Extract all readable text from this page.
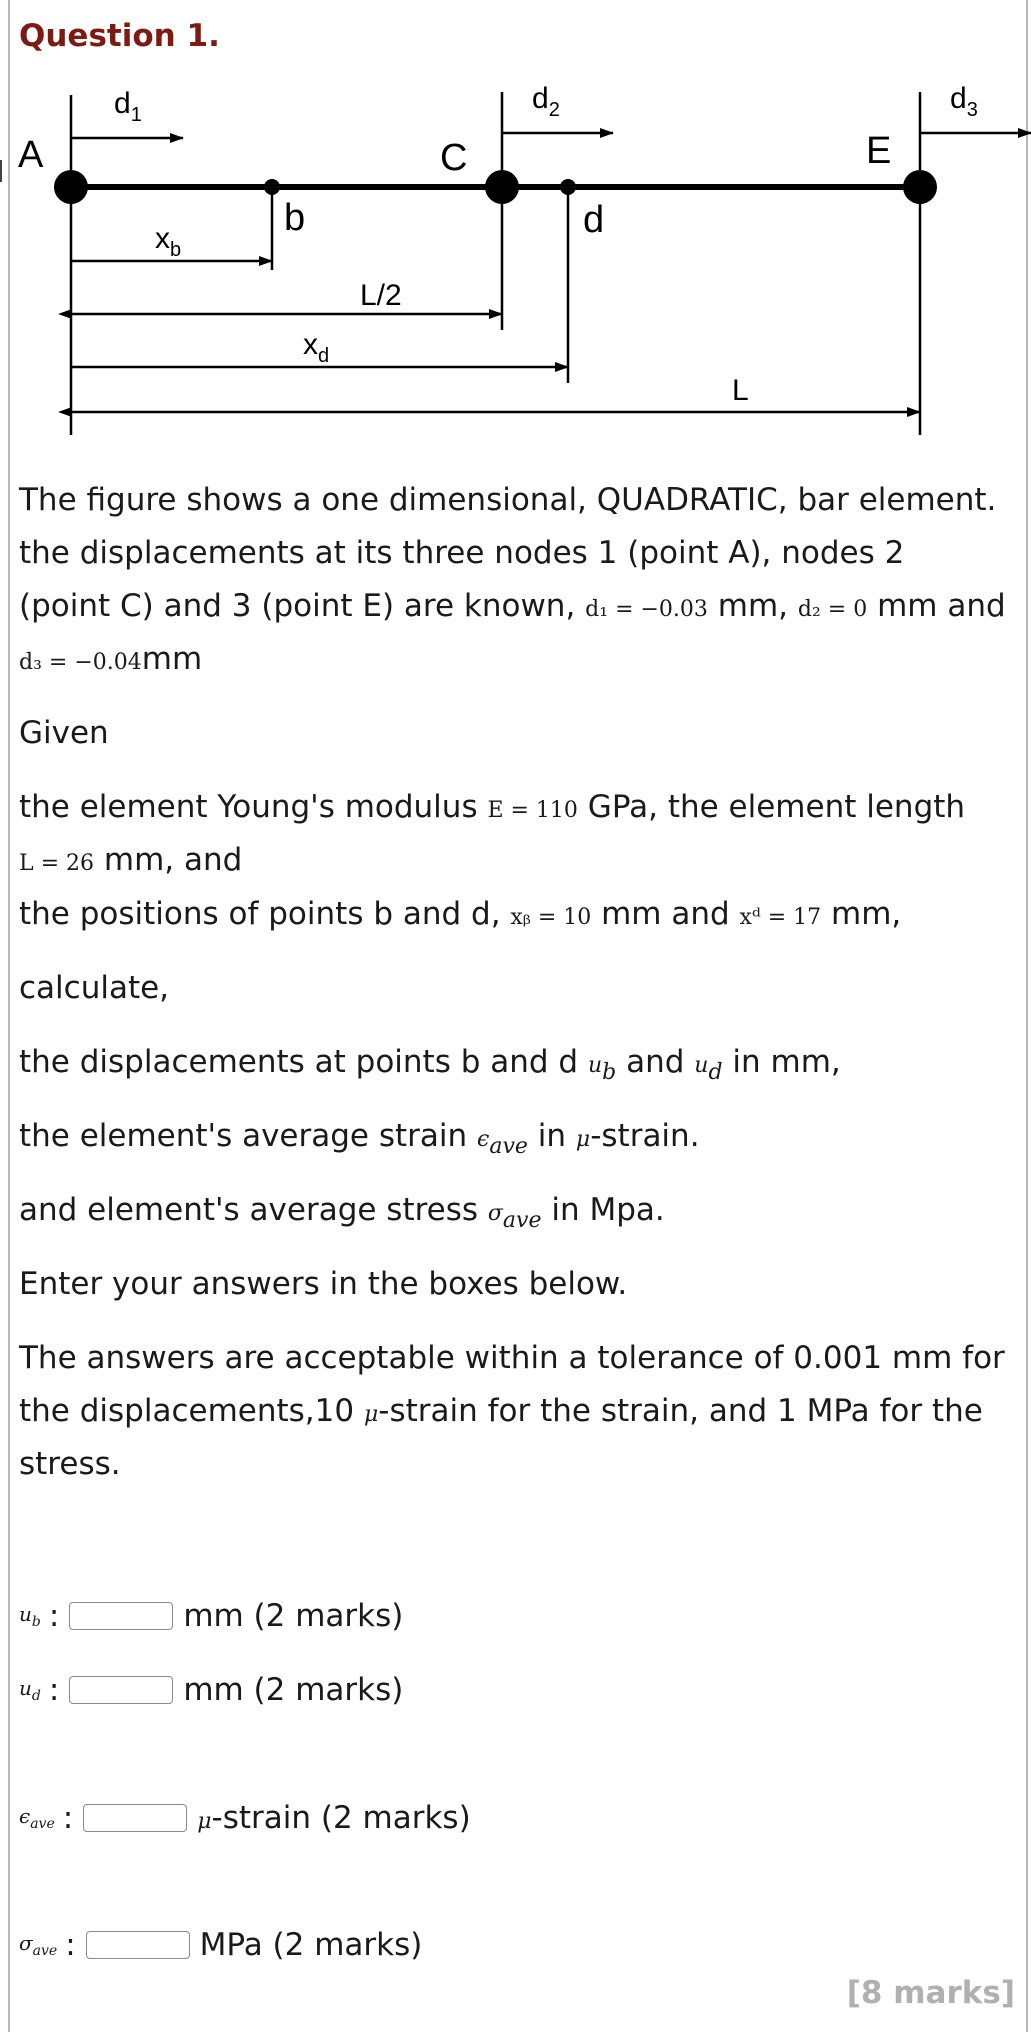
Question 1.
A	C	E
b	d
$d_1$	$d_2$	$d_3$
$x_b$
$x_d$
L/2
L
The figure shows a one dimensional, QUADRATIC, bar element.
the displacements at its three nodes 1 (point A), nodes 2
(point C) and 3 (point E) are known, d₁ = −0.03 mm, d₂ = 0 mm and
d₃ = −0.04mm
Given
the element Young's modulus E = 110 GPa, the element length
L = 26 mm, and
the positions of points b and d, xᵦ = 10 mm and xᵈ = 17 mm,
calculate,
the displacements at points b and d $u_b$ and $u_d$ in mm,
the element's average strain $\epsilon_{ave}$ in μ-strain.
and element's average stress $\sigma_{ave}$ in Mpa.
Enter your answers in the boxes below.
The answers are acceptable within a tolerance of 0.001 mm for
the displacements,10 μ-strain for the strain, and 1 MPa for the
stress.
$u_b$ :	mm (2 marks)
$u_d$ :	mm (2 marks)
$\epsilon_{ave}$ :	μ-strain (2 marks)
$\sigma_{ave}$ :	MPa (2 marks)
[8 marks]
